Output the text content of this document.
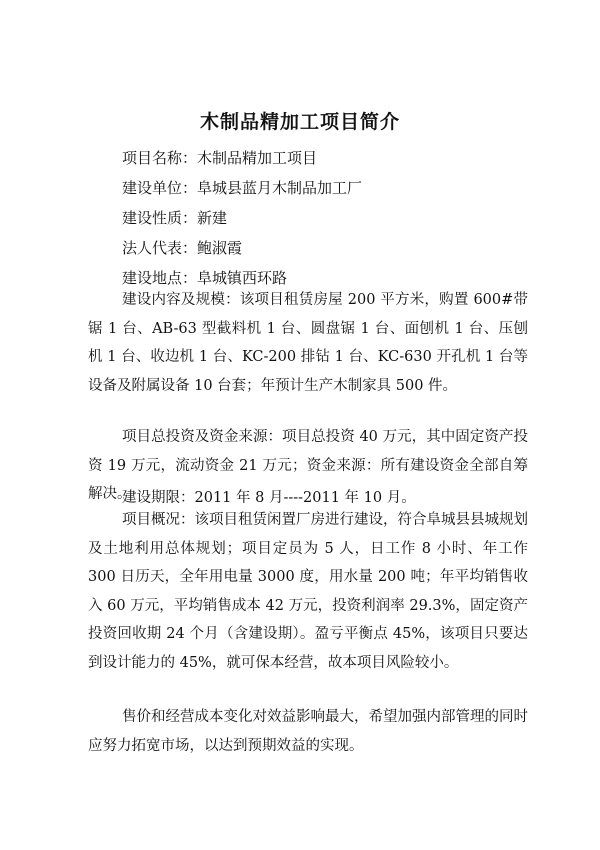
木制品精加工项目简介
项目名称：木制品精加工项目
建设单位：阜城县蓝月木制品加工厂
建设性质：新建
法人代表：鲍淑霞
建设地点：阜城镇西环路

建设内容及规模：该项目租赁房屋 200 平方米，购置 600#带锯 1 台、AB-63 型截料机 1 台、圆盘锯 1 台、面刨机 1 台、压刨机 1 台、收边机 1 台、KC-200 排钻 1 台、KC-630 开孔机 1 台等设备及附属设备 10 台套；年预计生产木制家具 500 件。

项目总投资及资金来源：项目总投资 40 万元，其中固定资产投资 19 万元，流动资金 21 万元；资金来源：所有建设资金全部自筹解决。

建设期限：2011 年 8 月----2011 年 10 月。

项目概况：该项目租赁闲置厂房进行建设，符合阜城县县城规划及土地利用总体规划；项目定员为 5 人，日工作 8 小时、年工作 300 日历天，全年用电量 3000 度，用水量 200 吨；年平均销售收入 60 万元，平均销售成本 42 万元，投资利润率 29.3%，固定资产投资回收期 24 个月（含建设期）。盈亏平衡点 45%，该项目只要达到设计能力的 45%，就可保本经营，故本项目风险较小。

售价和经营成本变化对效益影响最大，希望加强内部管理的同时应努力拓宽市场，以达到预期效益的实现。
